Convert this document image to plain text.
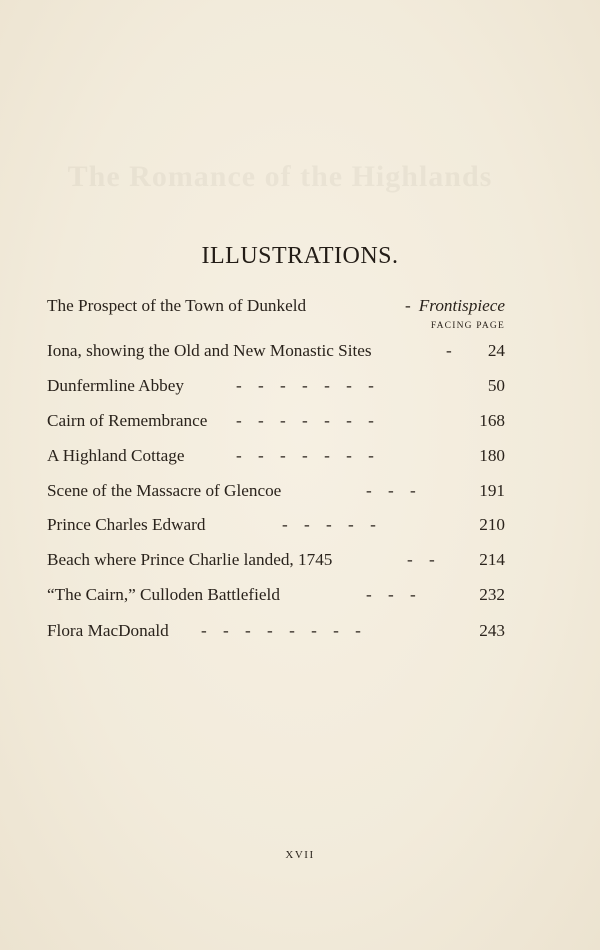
The Romance of the Highlands
ILLUSTRATIONS.
The Prospect of the Town of Dunkeld	- Frontispiece
FACING PAGE
Iona, showing the Old and New Monastic Sites	- 24
Dunfermline Abbey	- - - - - - -	50
Cairn of Remembrance - - - - - - -	168
A Highland Cottage	- - - - - - -	180
Scene of the Massacre of Glencoe	- - -	191
Prince Charles Edward	- - - - -	210
Beach where Prince Charlie landed, 1745	- -	214
“The Cairn,” Culloden Battlefield	- - -	232
Flora MacDonald - - - - - - - -	243
XVII
